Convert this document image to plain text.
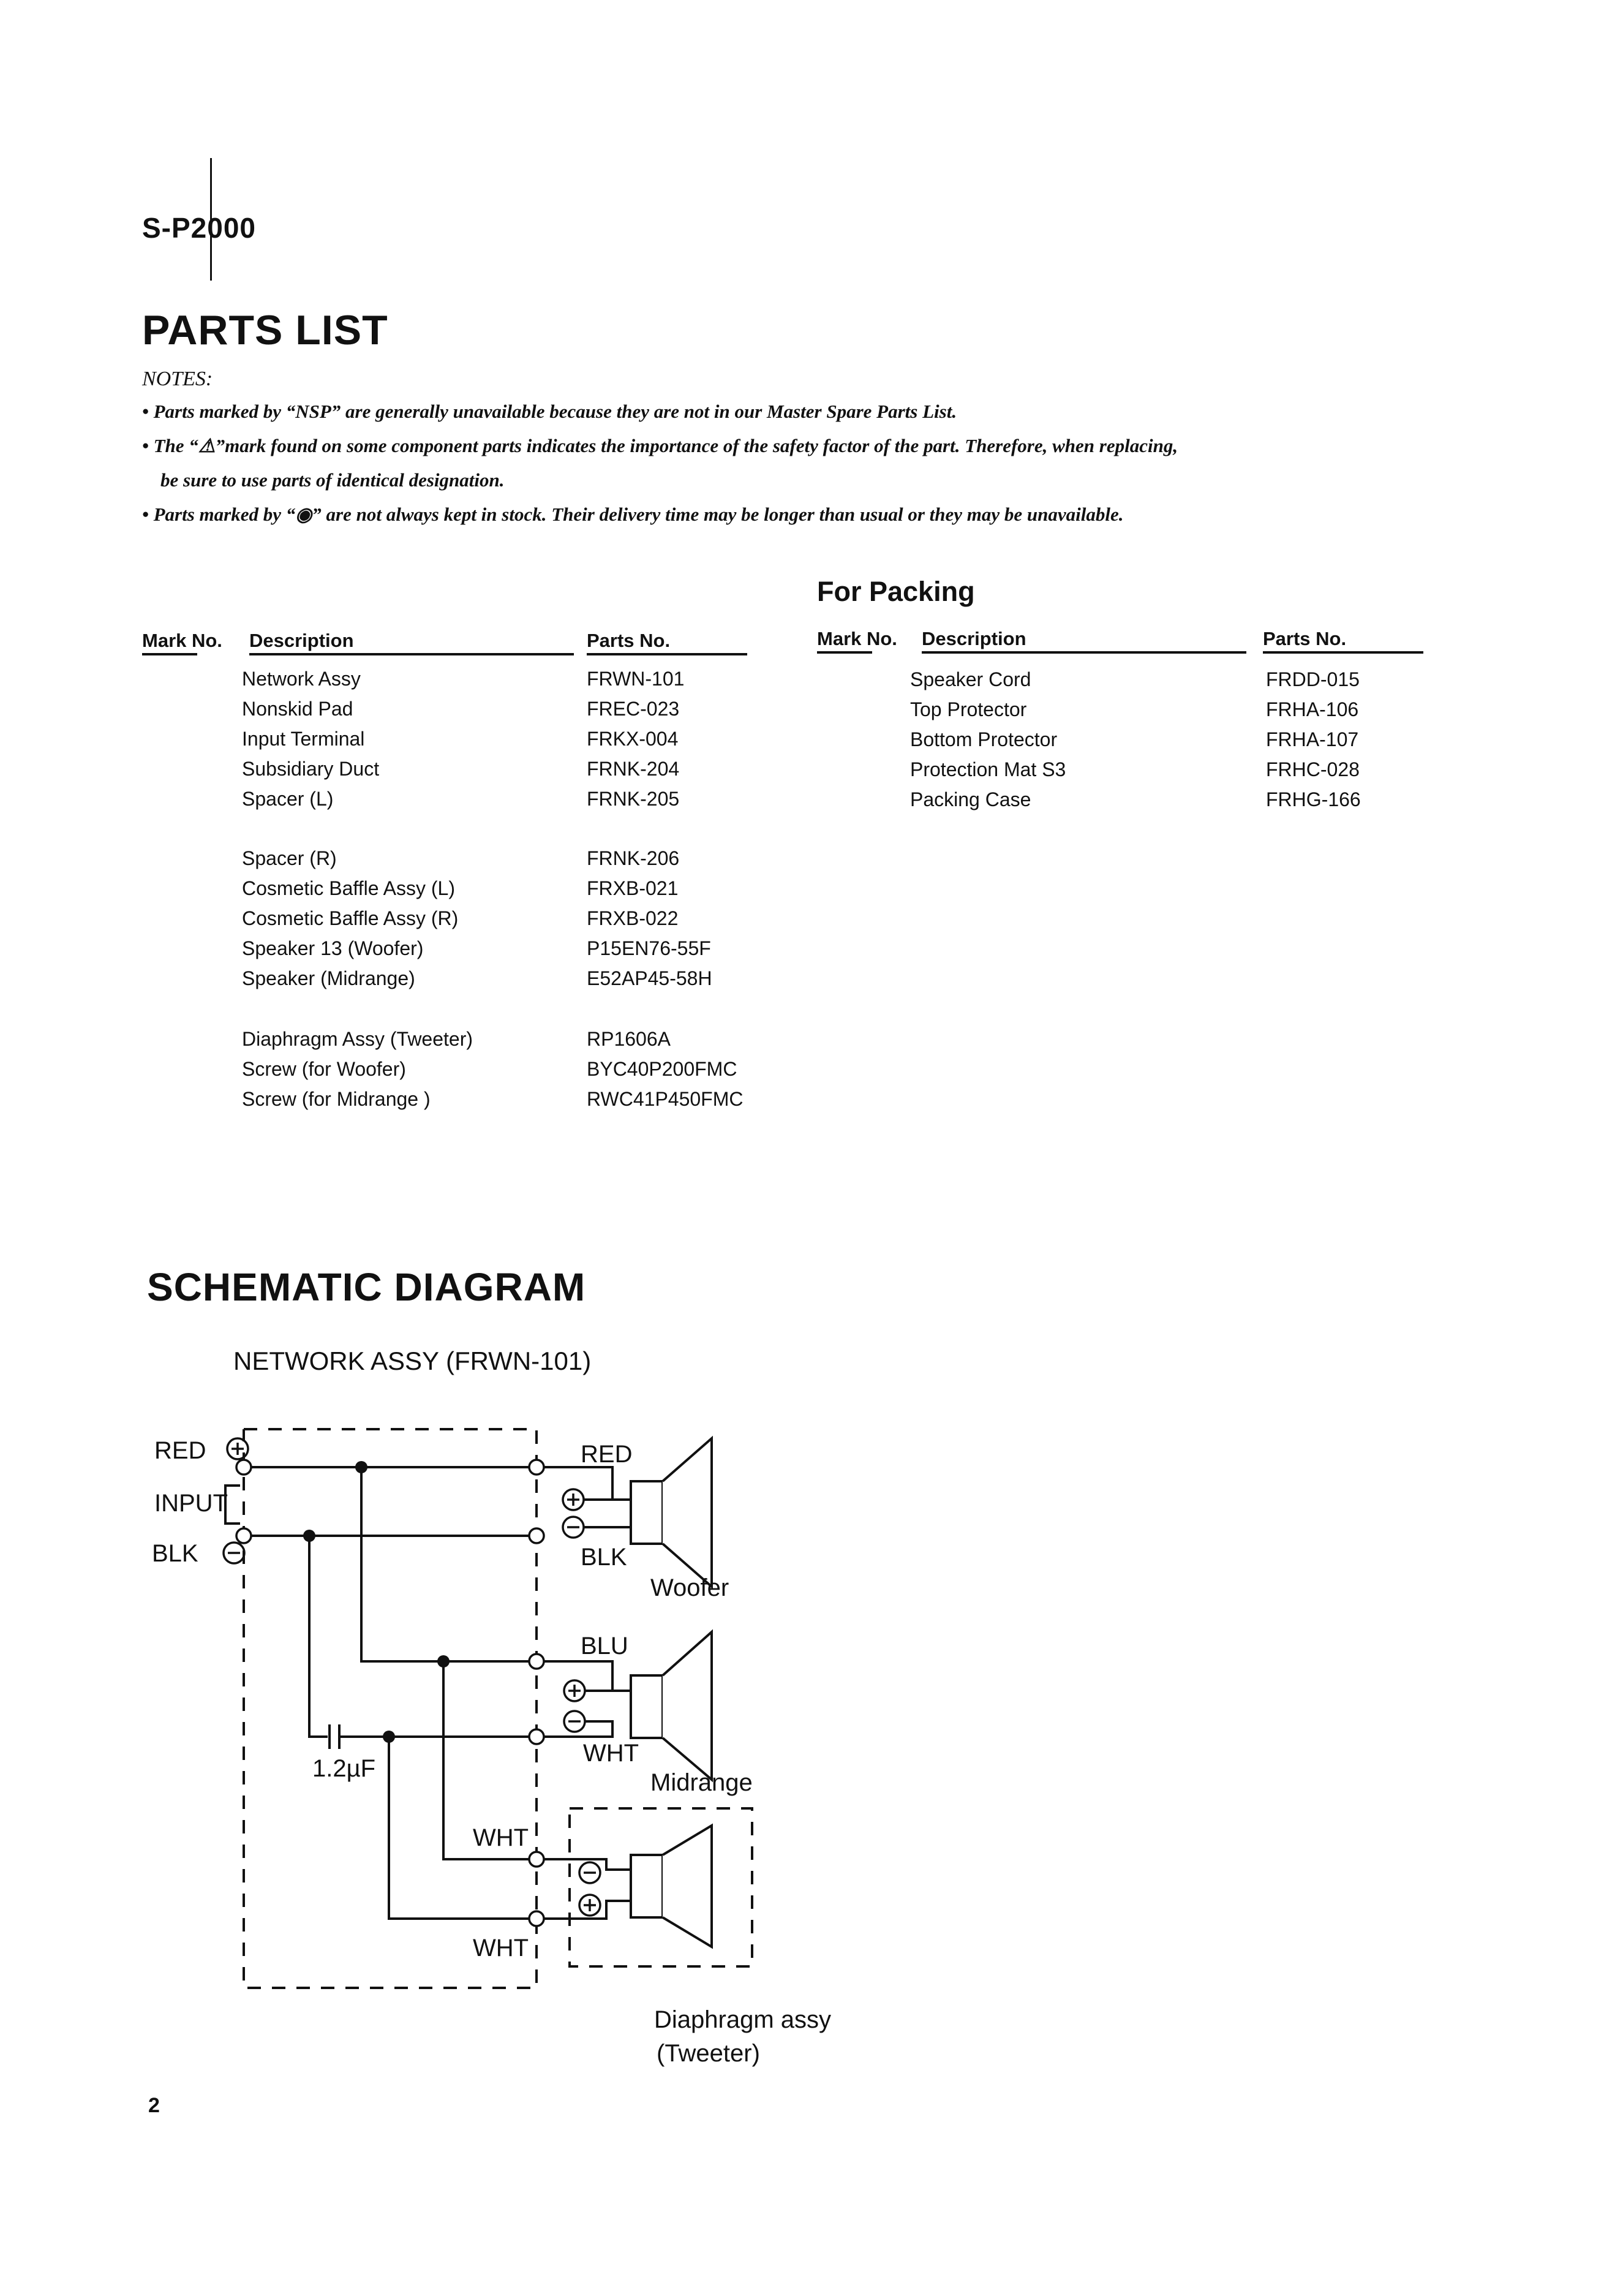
S-P2000
PARTS LIST
NOTES:
• Parts marked by “NSP” are generally unavailable because they are not in our Master Spare Parts List.
• The “⚠”mark found on some component parts indicates the importance of the safety factor of the part. Therefore, when replacing,
be sure to use parts of identical designation.
• Parts marked by “◉” are not always kept in stock. Their delivery time may be longer than usual or they may be unavailable.
Mark No. Description	Parts No.
Network Assy	FRWN-101
Nonskid Pad	FREC-023
Input Terminal	FRKX-004
Subsidiary Duct	FRNK-204
Spacer (L)	FRNK-205
Spacer (R)	FRNK-206
Cosmetic Baffle Assy (L)	FRXB-021
Cosmetic Baffle Assy (R)	FRXB-022
Speaker 13 (Woofer)	P15EN76-55F
Speaker (Midrange)	E52AP45-58H
Diaphragm Assy (Tweeter)	RP1606A
Screw (for Woofer)	BYC40P200FMC
Screw (for Midrange )	RWC41P450FMC
For Packing
Mark No. Description	Parts No.
Speaker Cord	FRDD-015
Top Protector	FRHA-106
Bottom Protector	FRHA-107
Protection Mat S3	FRHC-028
Packing Case	FRHG-166
SCHEMATIC DIAGRAM
NETWORK ASSY (FRWN-101)
RED
INPUT
BLK
RED
BLK
Woofer
BLU
1.2µF
WHT
Midrange
WHT
WHT
Diaphragm assy
(Tweeter)
2
